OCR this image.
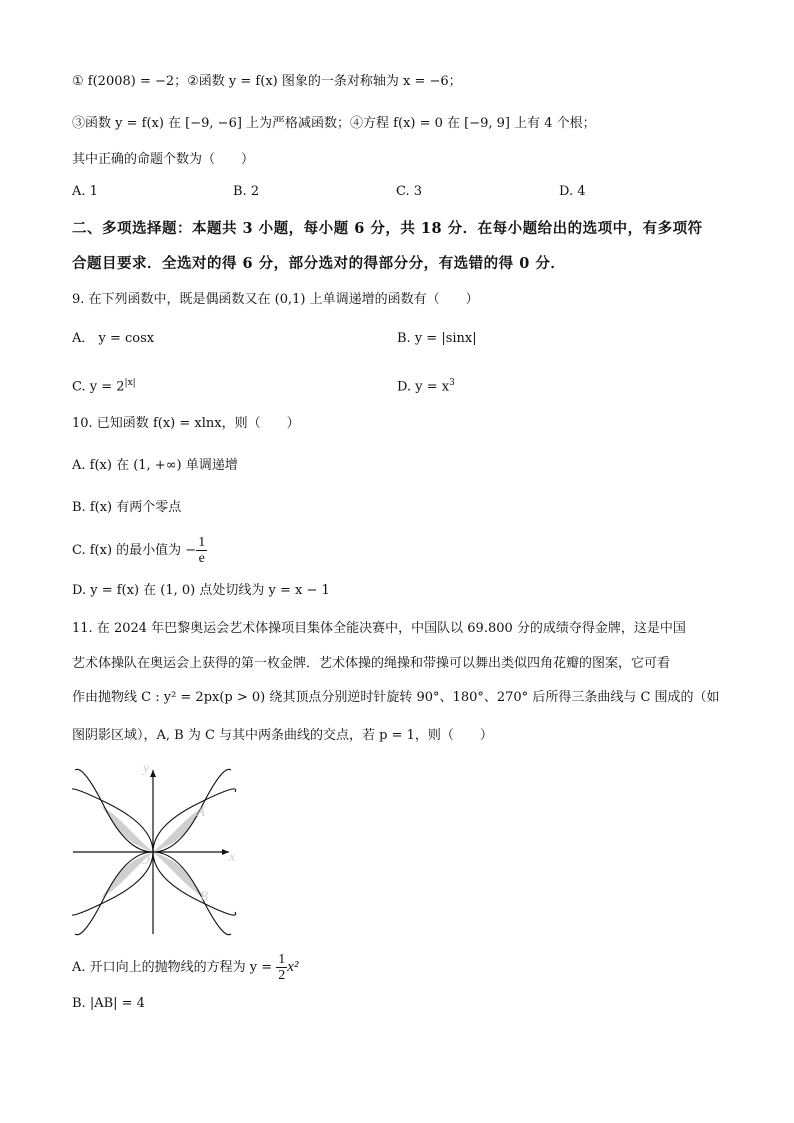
① f(2008) = −2；②函数 y = f(x) 图象的一条对称轴为 x = −6；
③函数 y = f(x) 在 [−9, −6] 上为严格减函数；④方程 f(x) = 0 在 [−9, 9] 上有 4 个根；
其中正确的命题个数为（　　）
A. 1	B. 2	C. 3	D. 4
二、多项选择题：本题共 3 小题，每小题 6 分，共 18 分．在每小题给出的选项中，有多项符
合题目要求．全选对的得 6 分，部分选对的得部分分，有选错的得 0 分．
9. 在下列函数中，既是偶函数又在 (0,1) 上单调递增的函数有（　　）
A． y = cosx	B. y = |sinx|
C. $y = 2^{|x|}$	D. $y = x^3$
10. 已知函数 f(x) = xlnx，则（　　）
A. f(x) 在 (1, +∞) 单调递增
B. f(x) 有两个零点
C. f(x) 的最小值为 − $\frac{1}{e}$
D. y = f(x) 在 (1, 0) 点处切线为 y = x − 1
11. 在 2024 年巴黎奥运会艺术体操项目集体全能决赛中，中国队以 69.800 分的成绩夺得金牌，这是中国
艺术体操队在奥运会上获得的第一枚金牌．艺术体操的绳操和带操可以舞出类似四角花瓣的图案，它可看
作由抛物线 C : y² = 2px(p > 0) 绕其顶点分别逆时针旋转 90°、180°、270° 后所得三条曲线与 C 围成的（如
图阴影区域），A, B 为 C 与其中两条曲线的交点，若 p = 1，则（　　）
y
x
O
A
B
A. 开口向上的抛物线的方程为 $y = \frac{1}{2} x^2$
B. |AB| = 4
